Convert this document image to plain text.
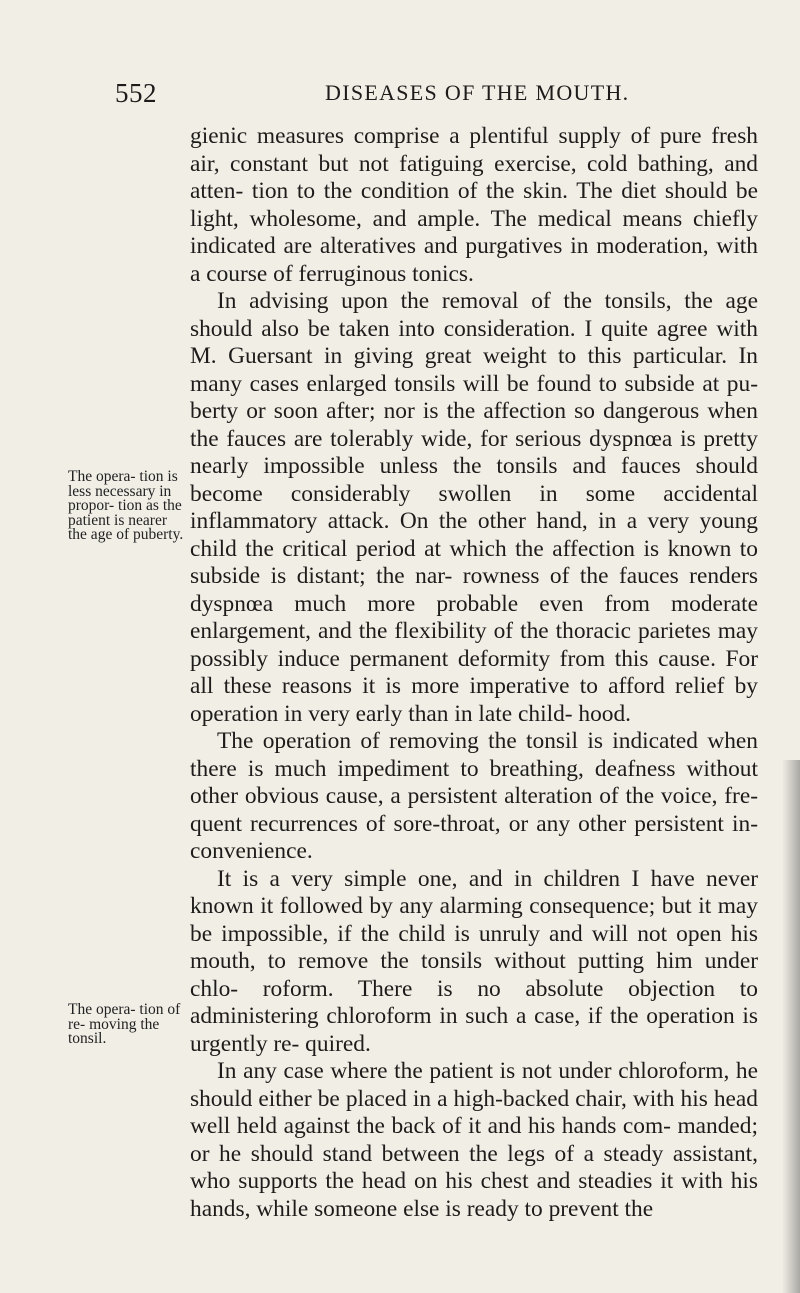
552	DISEASES OF THE MOUTH.
The opera- tion is less necessary in propor- tion as the patient is nearer the age of puberty.
The opera- tion of re- moving the tonsil.

gienic measures comprise a plentiful supply of pure fresh air, constant but not fatiguing exercise, cold bathing, and atten- tion to the condition of the skin. The diet should be light, wholesome, and ample. The medical means chiefly indicated are alteratives and purgatives in moderation, with a course of ferruginous tonics.

In advising upon the removal of the tonsils, the age should also be taken into consideration. I quite agree with M. Guersant in giving great weight to this particular. In many cases enlarged tonsils will be found to subside at pu- berty or soon after; nor is the affection so dangerous when the fauces are tolerably wide, for serious dyspnœa is pretty nearly impossible unless the tonsils and fauces should become considerably swollen in some accidental inflammatory attack. On the other hand, in a very young child the critical period at which the affection is known to subside is distant; the nar- rowness of the fauces renders dyspnœa much more probable even from moderate enlargement, and the flexibility of the thoracic parietes may possibly induce permanent deformity from this cause. For all these reasons it is more imperative to afford relief by operation in very early than in late child- hood.

The operation of removing the tonsil is indicated when there is much impediment to breathing, deafness without other obvious cause, a persistent alteration of the voice, fre- quent recurrences of sore-throat, or any other persistent in- convenience.

It is a very simple one, and in children I have never known it followed by any alarming consequence; but it may be impossible, if the child is unruly and will not open his mouth, to remove the tonsils without putting him under chlo- roform. There is no absolute objection to administering chloroform in such a case, if the operation is urgently re- quired.

In any case where the patient is not under chloroform, he should either be placed in a high-backed chair, with his head well held against the back of it and his hands com- manded; or he should stand between the legs of a steady assistant, who supports the head on his chest and steadies it with his hands, while someone else is ready to prevent the
